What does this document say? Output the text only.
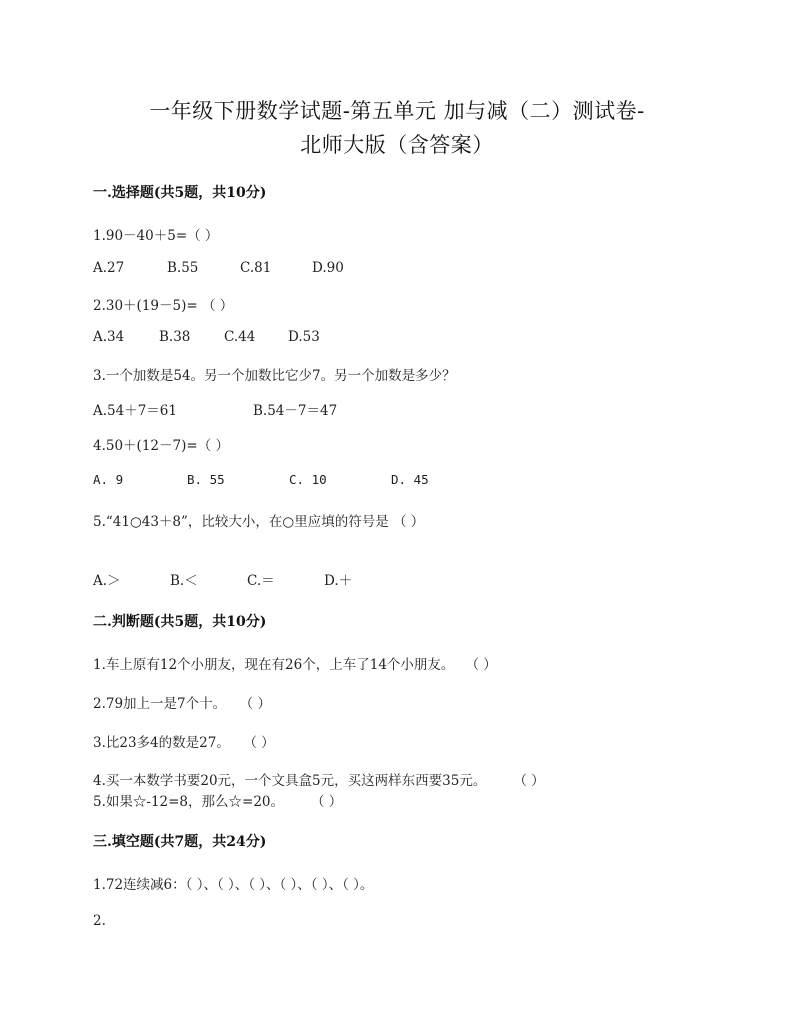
一年级下册数学试题-第五单元 加与减（二）测试卷-
北师大版（含答案）
一.选择题(共5题，共10分)
1.90－40＋5=（ ）
A.27	B.55	C.81	D.90
2.30＋(19－5)= （ ）
A.34	B.38 C.44 D.53
3.一个加数是54。另一个加数比它少7。另一个加数是多少？
A.54＋7＝61	B.54－7＝47
4.50＋(12－7)=（ ）
A. 9	B. 55	C. 10	D. 45
5.“41○43＋8”，比较大小，在○里应填的符号是 （ ）
A.＞	B.＜	C.＝	D.＋
二.判断题(共5题，共10分)
1.车上原有12个小朋友，现在有26个，上车了14个小朋友。　 （ ）
2.79加上一是7个十。　　（ ）
3.比23多4的数是27。　　（ ）
4.买一本数学书要20元，一个文具盒5元，买这两样东西要35元。　　　（ ）
5.如果☆-12=8，那么☆=20。　　　（ ）
三.填空题(共7题，共24分)
1.72连续减6：（ ）、（ ）、（ ）、（ ）、（ ）、（ ）。
2.
